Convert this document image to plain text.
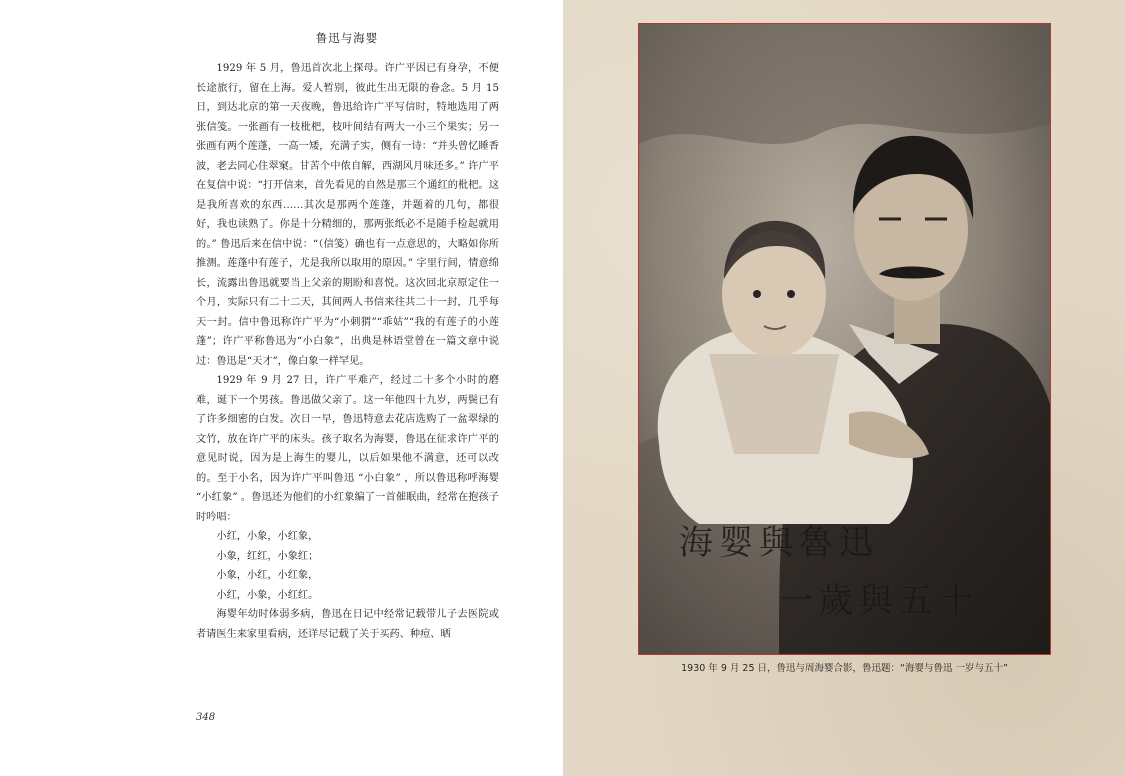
鲁迅与海婴

1929 年 5 月，鲁迅首次北上探母。许广平因已有身孕，不便长途旅行，留在上海。爱人暂别，彼此生出无限的眷念。5 月 15 日，到达北京的第一天夜晚，鲁迅给许广平写信时，特地选用了两张信笺。一张画有一枝枇杷，枝叶间结有两大一小三个果实；另一张画有两个莲蓬，一高一矮，充满子实，侧有一诗：“并头曾忆睡香波，老去同心住翠窠。甘苦个中侬自解，西湖风月味还多。” 许广平在复信中说：“打开信来，首先看见的自然是那三个通红的枇杷。这是我所喜欢的东西……其次是那两个莲蓬，并题着的几句，都很好，我也读熟了。你是十分精细的，那两张纸必不是随手检起就用的。” 鲁迅后来在信中说：“（信笺）确也有一点意思的，大略如你所推测。莲蓬中有莲子，尤是我所以取用的原因。” 字里行间，情意绵长，流露出鲁迅就要当上父亲的期盼和喜悦。这次回北京原定住一个月，实际只有二十二天，其间两人书信来往共二十一封，几乎每天一封。信中鲁迅称许广平为“小刺猬”“乖姑”“我的有莲子的小莲蓬”；许广平称鲁迅为“小白象”，出典是林语堂曾在一篇文章中说过：鲁迅是“天才”，像白象一样罕见。

1929 年 9 月 27 日，许广平难产，经过二十多个小时的磨难，诞下一个男孩。鲁迅做父亲了。这一年他四十九岁，两鬓已有了许多细密的白发。次日一早，鲁迅特意去花店选购了一盆翠绿的文竹，放在许广平的床头。孩子取名为海婴，鲁迅在征求许广平的意见时说，因为是上海生的婴儿，以后如果他不满意，还可以改的。至于小名，因为许广平叫鲁迅 “小白象” ，所以鲁迅称呼海婴 “小红象” 。鲁迅还为他们的小红象编了一首催眠曲，经常在抱孩子时吟唱：

小红，小象，小红象，

小象，红红，小象红；

小象，小红，小红象，

小红，小象，小红红。

海婴年幼时体弱多病，鲁迅在日记中经常记载带儿子去医院或者请医生来家里看病，还详尽记载了关于买药、种痘、晒

348
海婴與魯迅
一歲與五十
1930 年 9 月 25 日，鲁迅与周海婴合影，鲁迅题：“海婴与鲁迅 一岁与五十”
